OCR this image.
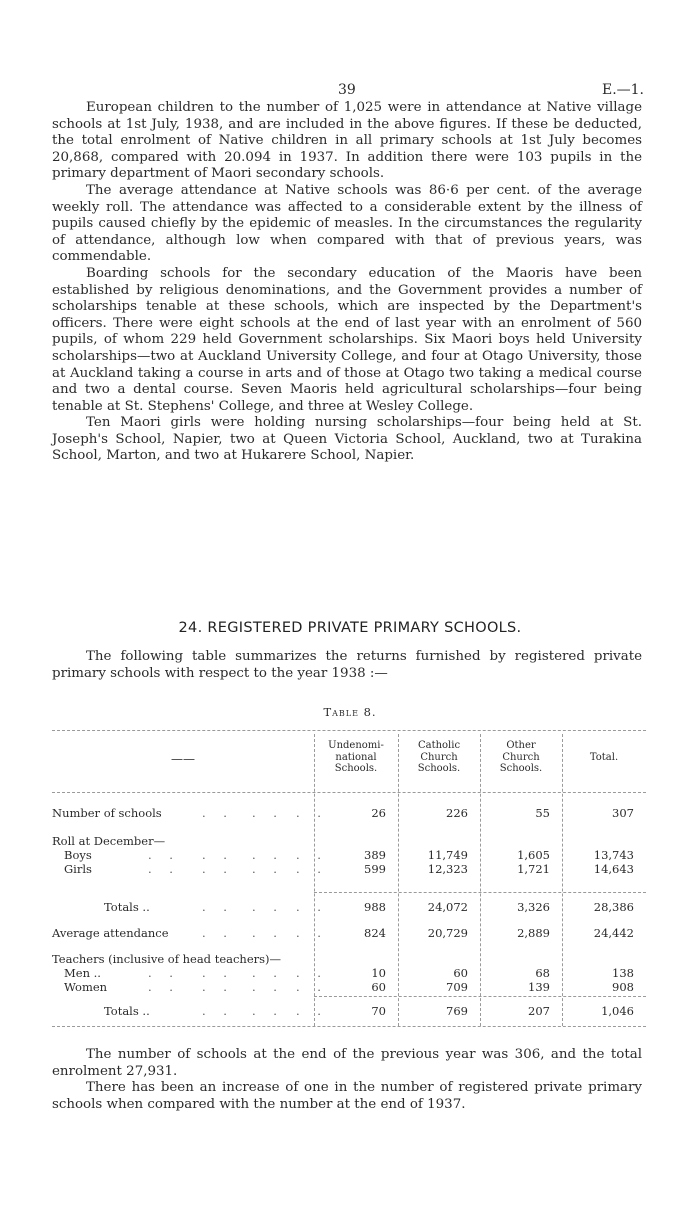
39	E.—1.

European children to the number of 1,025 were in attendance at Native village schools at 1st July, 1938, and are included in the above figures. If these be deducted, the total enrolment of Native children in all primary schools at 1st July becomes 20,868, compared with 20.094 in 1937. In addition there were 103 pupils in the primary department of Maori secondary schools.

The average attendance at Native schools was 86·6 per cent. of the average weekly roll. The attendance was affected to a considerable extent by the illness of pupils caused chiefly by the epidemic of measles. In the circumstances the regularity of attendance, although low when compared with that of previous years, was commendable.

Boarding schools for the secondary education of the Maoris have been established by religious denominations, and the Government provides a number of scholarships tenable at these schools, which are inspected by the Department's officers. There were eight schools at the end of last year with an enrolment of 560 pupils, of whom 229 held Government scholarships. Six Maori boys held University scholarships—two at Auckland University College, and four at Otago University, those at Auckland taking a course in arts and of those at Otago two taking a medical course and two a dental course. Seven Maoris held agricultural scholarships—four being tenable at St. Stephens' College, and three at Wesley College.

Ten Maori girls were holding nursing scholarships—four being held at St. Joseph's School, Napier, two at Queen Victoria School, Auckland, two at Turakina School, Marton, and two at Hukarere School, Napier.

24. REGISTERED PRIVATE PRIMARY SCHOOLS.

The following table summarizes the returns furnished by registered private primary schools with respect to the year 1938 :—

Table 8.
——
Undenomi-
national
Schools.
Catholic
Church
Schools.
Other
Church
Schools.
Total.
Number of schools	. . . . . .	26	226	55	307
Roll at December—
Boys	. . . . . . . .	389	11,749	1,605	13,743
Girls	. . . . . . . .	599	12,323	1,721	14,643
Totals ..	. . . . . .	988	24,072	3,326	28,386
Average attendance	. . . . . .	824	20,729	2,889	24,442
Teachers (inclusive of head teachers)—
Men ..	. . . . . . . .	10	60	68	138
Women	. . . . . . . .	60	709	139	908
Totals ..	. . . . . .	70	769	207	1,046

The number of schools at the end of the previous year was 306, and the total enrolment 27,931.

There has been an increase of one in the number of registered private primary schools when compared with the number at the end of 1937.
